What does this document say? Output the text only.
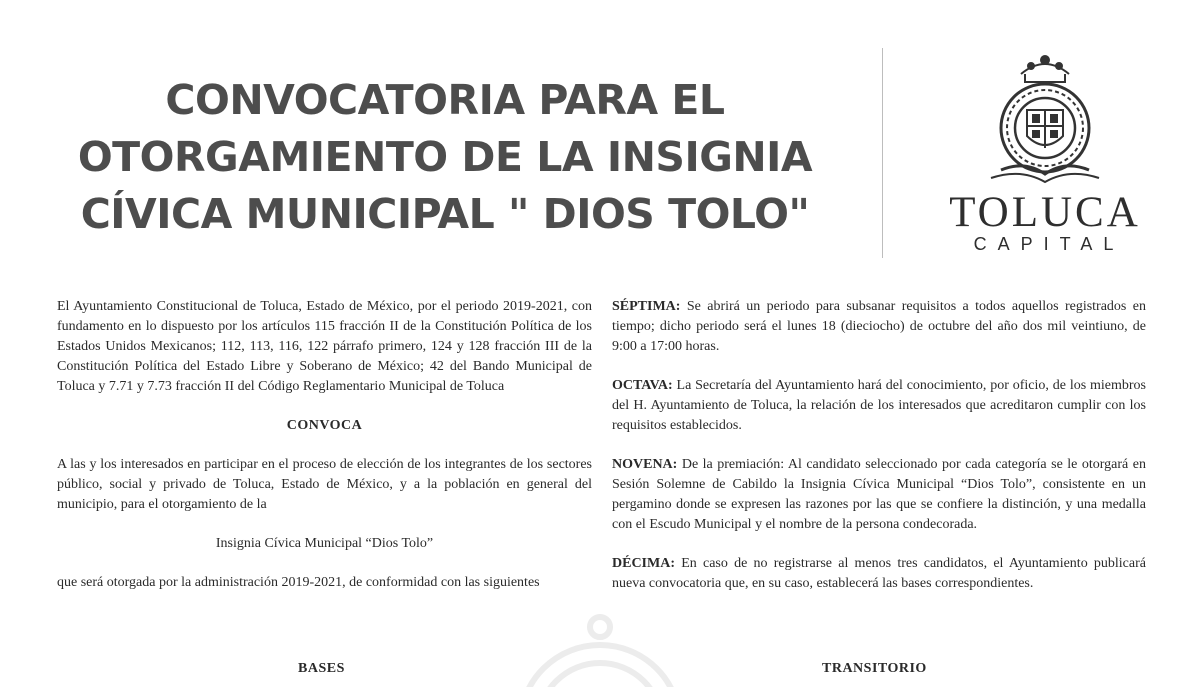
CONVOCATORIA PARA EL
OTORGAMIENTO DE LA INSIGNIA
CÍVICA MUNICIPAL " DIOS TOLO"	TOLUCA
CAPITAL

El Ayuntamiento Constitucional de Toluca, Estado de México, por el periodo 2019-2021, con fundamento en lo dispuesto por los artículos 115 fracción II de la Constitución Política de los Estados Unidos Mexicanos; 112, 113, 116, 122 párrafo primero, 124 y 128 fracción III de la Constitución Política del Estado Libre y Soberano de México; 42 del Bando Municipal de Toluca y 7.71 y 7.73 fracción II del Código Reglamentario Municipal de Toluca

CONVOCA

A las y los interesados en participar en el proceso de elección de los integrantes de los sectores público, social y privado de Toluca, Estado de México, y a la población en general del municipio, para el otorgamiento de la

Insignia Cívica Municipal “Dios Tolo”

que será otorgada por la administración 2019-2021, de conformidad con las siguientes

SÉPTIMA: Se abrirá un periodo para subsanar requisitos a todos aquellos registrados en tiempo; dicho periodo será el lunes 18 (dieciocho) de octubre del año dos mil veintiuno, de 9:00 a 17:00 horas.

OCTAVA: La Secretaría del Ayuntamiento hará del conocimiento, por oficio, de los miembros del H. Ayuntamiento de Toluca, la relación de los interesados que acreditaron cumplir con los requisitos establecidos.

NOVENA: De la premiación: Al candidato seleccionado por cada categoría se le otorgará en Sesión Solemne de Cabildo la Insignia Cívica Municipal “Dios Tolo”, consistente en un pergamino donde se expresen las razones por las que se confiere la distinción, y una medalla con el Escudo Municipal y el nombre de la persona condecorada.

DÉCIMA: En caso de no registrarse al menos tres candidatos, el Ayuntamiento publicará nueva convocatoria que, en su caso, establecerá las bases correspondientes.

BASES	TRANSITORIO
